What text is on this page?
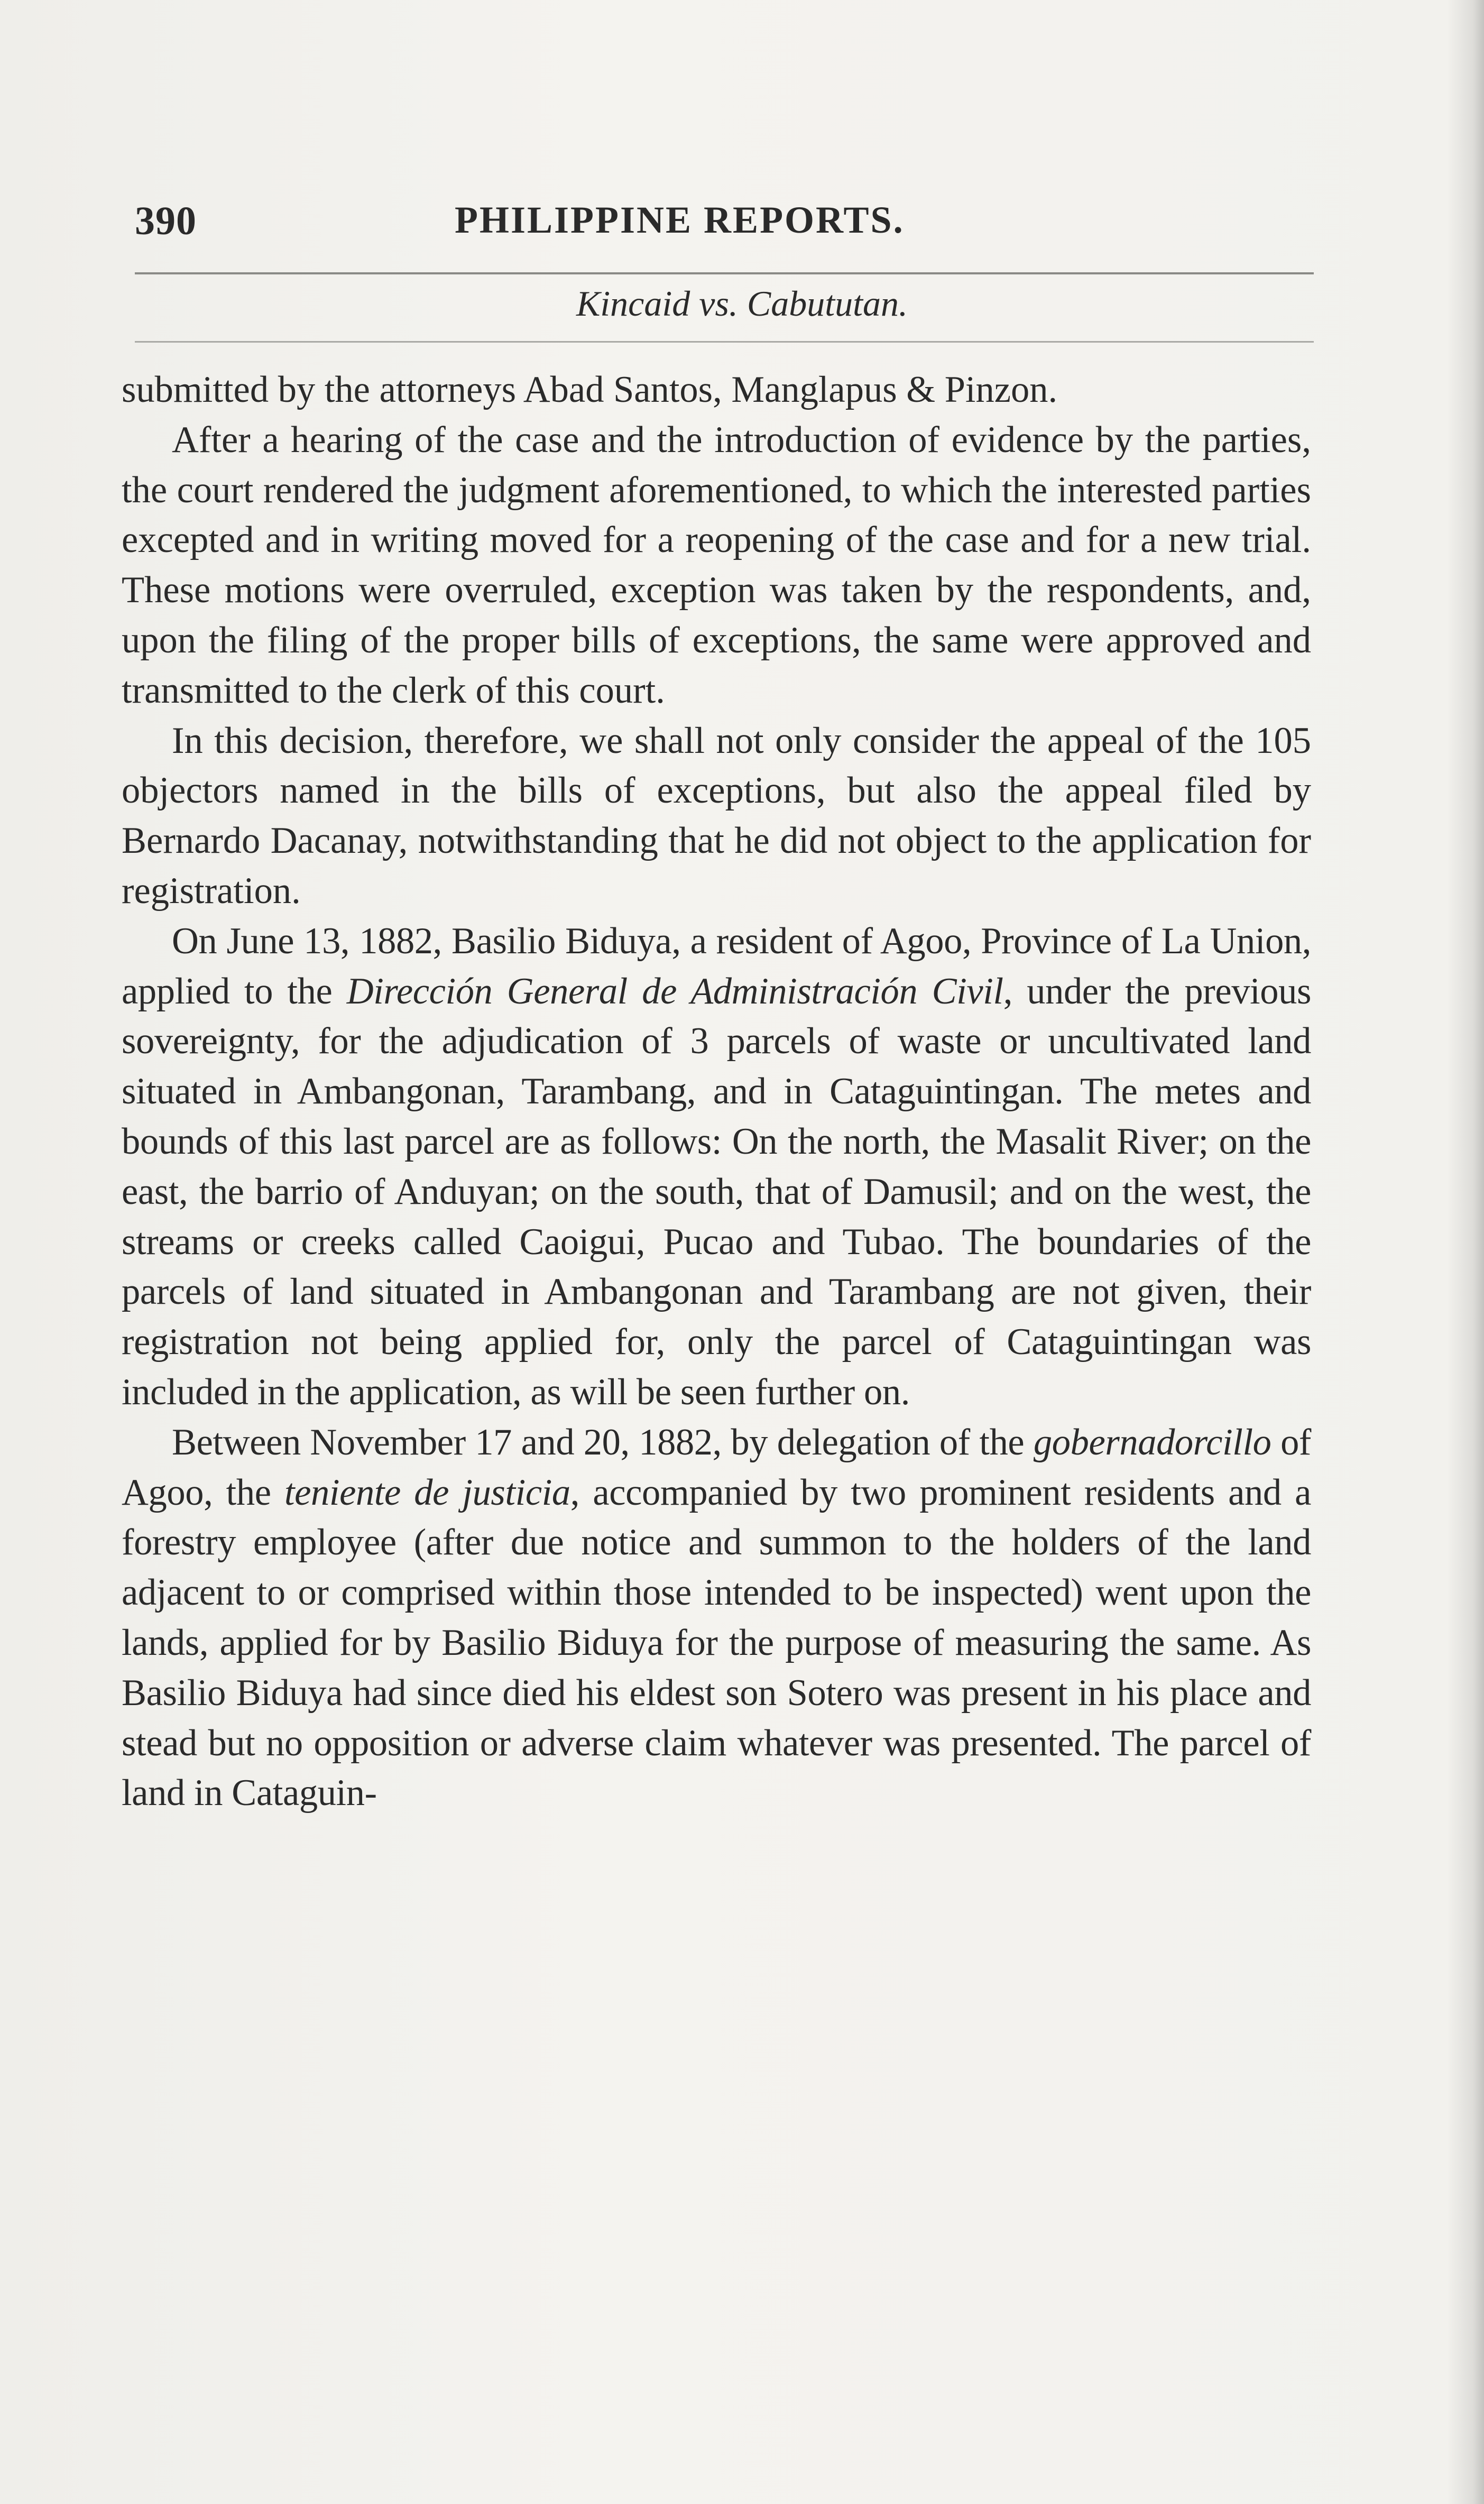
390	PHILIPPINE REPORTS.
Kincaid vs. Cabututan.

submitted by the attorneys Abad Santos, Manglapus & Pinzon.

After a hearing of the case and the introduction of evidence by the parties, the court rendered the judgment aforementioned, to which the interested parties excepted and in writing moved for a reopening of the case and for a new trial. These motions were overruled, exception was taken by the respondents, and, upon the filing of the proper bills of exceptions, the same were approved and transmitted to the clerk of this court.

In this decision, therefore, we shall not only consider the appeal of the 105 objectors named in the bills of exceptions, but also the appeal filed by Bernardo Dacanay, notwithstanding that he did not object to the application for registration.

On June 13, 1882, Basilio Biduya, a resident of Agoo, Province of La Union, applied to the Dirección General de Administración Civil, under the previous sovereignty, for the adjudication of 3 parcels of waste or uncultivated land situated in Ambangonan, Tarambang, and in Cataguintingan. The metes and bounds of this last parcel are as follows: On the north, the Masalit River; on the east, the barrio of Anduyan; on the south, that of Damusil; and on the west, the streams or creeks called Caoigui, Pucao and Tubao. The boundaries of the parcels of land situated in Ambangonan and Tarambang are not given, their registration not being applied for, only the parcel of Cataguintingan was included in the application, as will be seen further on.

Between November 17 and 20, 1882, by delegation of the gobernadorcillo of Agoo, the teniente de justicia, accompanied by two prominent residents and a forestry employee (after due notice and summon to the holders of the land adjacent to or comprised within those intended to be inspected) went upon the lands, applied for by Basilio Biduya for the purpose of measuring the same. As Basilio Biduya had since died his eldest son Sotero was present in his place and stead but no opposition or adverse claim whatever was presented. The parcel of land in Cataguin-
